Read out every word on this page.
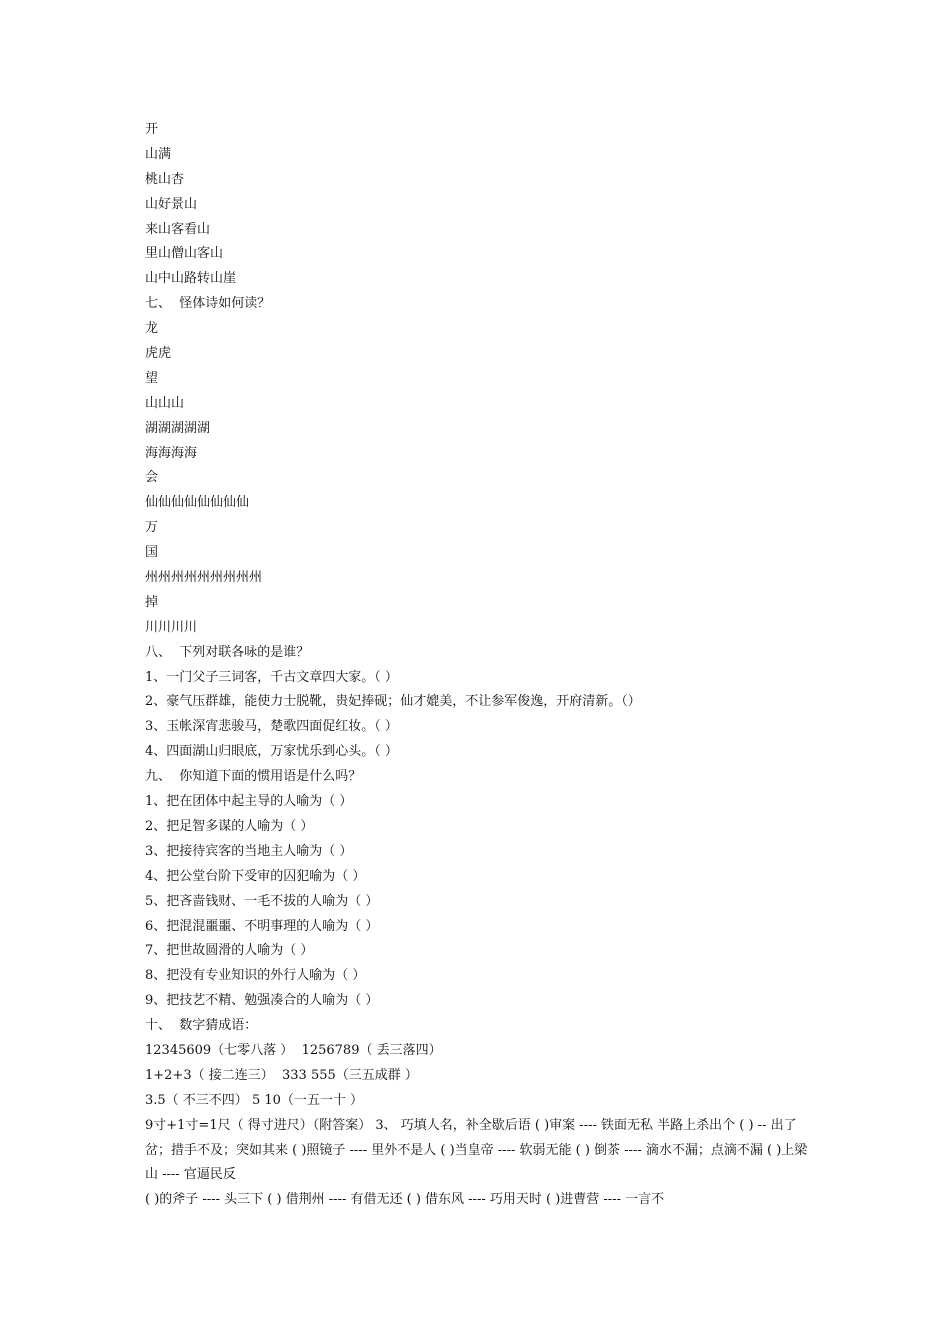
开
山满
桃山杏
山好景山
来山客看山
里山僧山客山
山中山路转山崖
七、  怪体诗如何读？
龙
虎虎
望
山山山
湖湖湖湖湖
海海海海
会
仙仙仙仙仙仙仙仙
万
国
州州州州州州州州州
掉
川川川川
八、  下列对联各咏的是谁？
1、一门父子三词客，千古文章四大家。（ ）
2、豪气压群雄，能使力士脱靴，贵妃捧砚；仙才媲美，不让参军俊逸，开府清新。（）
3、玉帐深宵悲骏马，楚歌四面促红妆。（ ）
4、四面湖山归眼底，万家忧乐到心头。（ ）
九、  你知道下面的惯用语是什么吗？
1、把在团体中起主导的人喻为（ ）
2、把足智多谋的人喻为（ ）
3、把接待宾客的当地主人喻为（ ）
4、把公堂台阶下受审的囚犯喻为（ ）
5、把吝啬钱财、一毛不拔的人喻为（ ）
6、把混混噩噩、不明事理的人喻为（ ）
7、把世故圆滑的人喻为（ ）
8、把没有专业知识的外行人喻为（ ）
9、把技艺不精、勉强凑合的人喻为（ ）
十、  数字猜成语：
12345609（七零八落 ）  1256789（ 丢三落四）
1+2+3（ 接二连三）  333 555（三五成群 ）
3.5（ 不三不四） 5 10（一五一十 ）
9寸+1寸=1尺（ 得寸进尺）（附答案） 3、 巧填人名，补全歇后语 ( )审案 ---- 铁面无私 半路上杀出个 ( ) -- 出了岔；措手不及；突如其来 ( )照镜子 ---- 里外不是人 ( )当皇帝 ---- 软弱无能 ( ) 倒茶 ---- 滴水不漏；点滴不漏 ( )上梁山 ---- 官逼民反
( )的斧子 ---- 头三下 ( ) 借荆州 ---- 有借无还 ( ) 借东风 ---- 巧用天时 ( )进曹营 ---- 一言不
